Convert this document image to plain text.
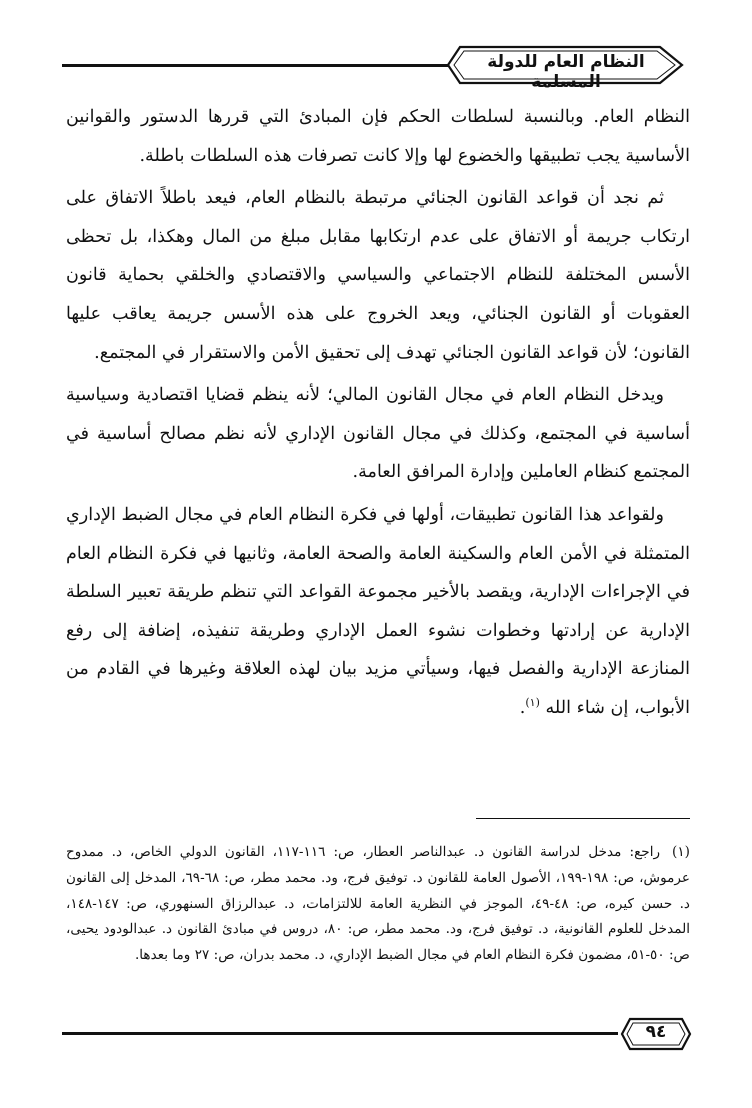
النظام العام للدولة المسلمة

النظام العام. وبالنسبة لسلطات الحكم فإن المبادئ التي قررها الدستور والقوانين الأساسية يجب تطبيقها والخضوع لها وإلا كانت تصرفات هذه السلطات باطلة.

ثم نجد أن قواعد القانون الجنائي مرتبطة بالنظام العام، فيعد باطلاً الاتفاق على ارتكاب جريمة أو الاتفاق على عدم ارتكابها مقابل مبلغ من المال وهكذا، بل تحظى الأسس المختلفة للنظام الاجتماعي والسياسي والاقتصادي والخلقي بحماية قانون العقوبات أو القانون الجنائي، ويعد الخروج على هذه الأسس جريمة يعاقب عليها القانون؛ لأن قواعد القانون الجنائي تهدف إلى تحقيق الأمن والاستقرار في المجتمع.

ويدخل النظام العام في مجال القانون المالي؛ لأنه ينظم قضايا اقتصادية وسياسية أساسية في المجتمع، وكذلك في مجال القانون الإداري لأنه نظم مصالح أساسية في المجتمع كنظام العاملين وإدارة المرافق العامة.

ولقواعد هذا القانون تطبيقات، أولها في فكرة النظام العام في مجال الضبط الإداري المتمثلة في الأمن العام والسكينة العامة والصحة العامة، وثانيها في فكرة النظام العام في الإجراءات الإدارية، ويقصد بالأخير مجموعة القواعد التي تنظم طريقة تعبير السلطة الإدارية عن إرادتها وخطوات نشوء العمل الإداري وطريقة تنفيذه، إضافة إلى رفع المنازعة الإدارية والفصل فيها، وسيأتي مزيد بيان لهذه العلاقة وغيرها في القادم من الأبواب، إن شاء الله $^{(١)}$.

(١)راجع: مدخل لدراسة القانون د. عبدالناصر العطار، ص: ١١٦-١١٧، القانون الدولي الخاص، د. ممدوح عرموش، ص: ١٩٨-١٩٩، الأصول العامة للقانون د. توفيق فرج، ود. محمد مطر، ص: ٦٨-٦٩، المدخل إلى القانون د. حسن كيره، ص: ٤٨-٤٩، الموجز في النظرية العامة للالتزامات، د. عبدالرزاق السنهوري، ص: ١٤٧-١٤٨، المدخل للعلوم القانونية، د. توفيق فرج، ود. محمد مطر، ص: ٨٠، دروس في مبادئ القانون د. عبدالودود يحيى، ص: ٥٠-٥١، مضمون فكرة النظام العام في مجال الضبط الإداري، د. محمد بدران، ص: ٢٧ وما بعدها.
٩٤
